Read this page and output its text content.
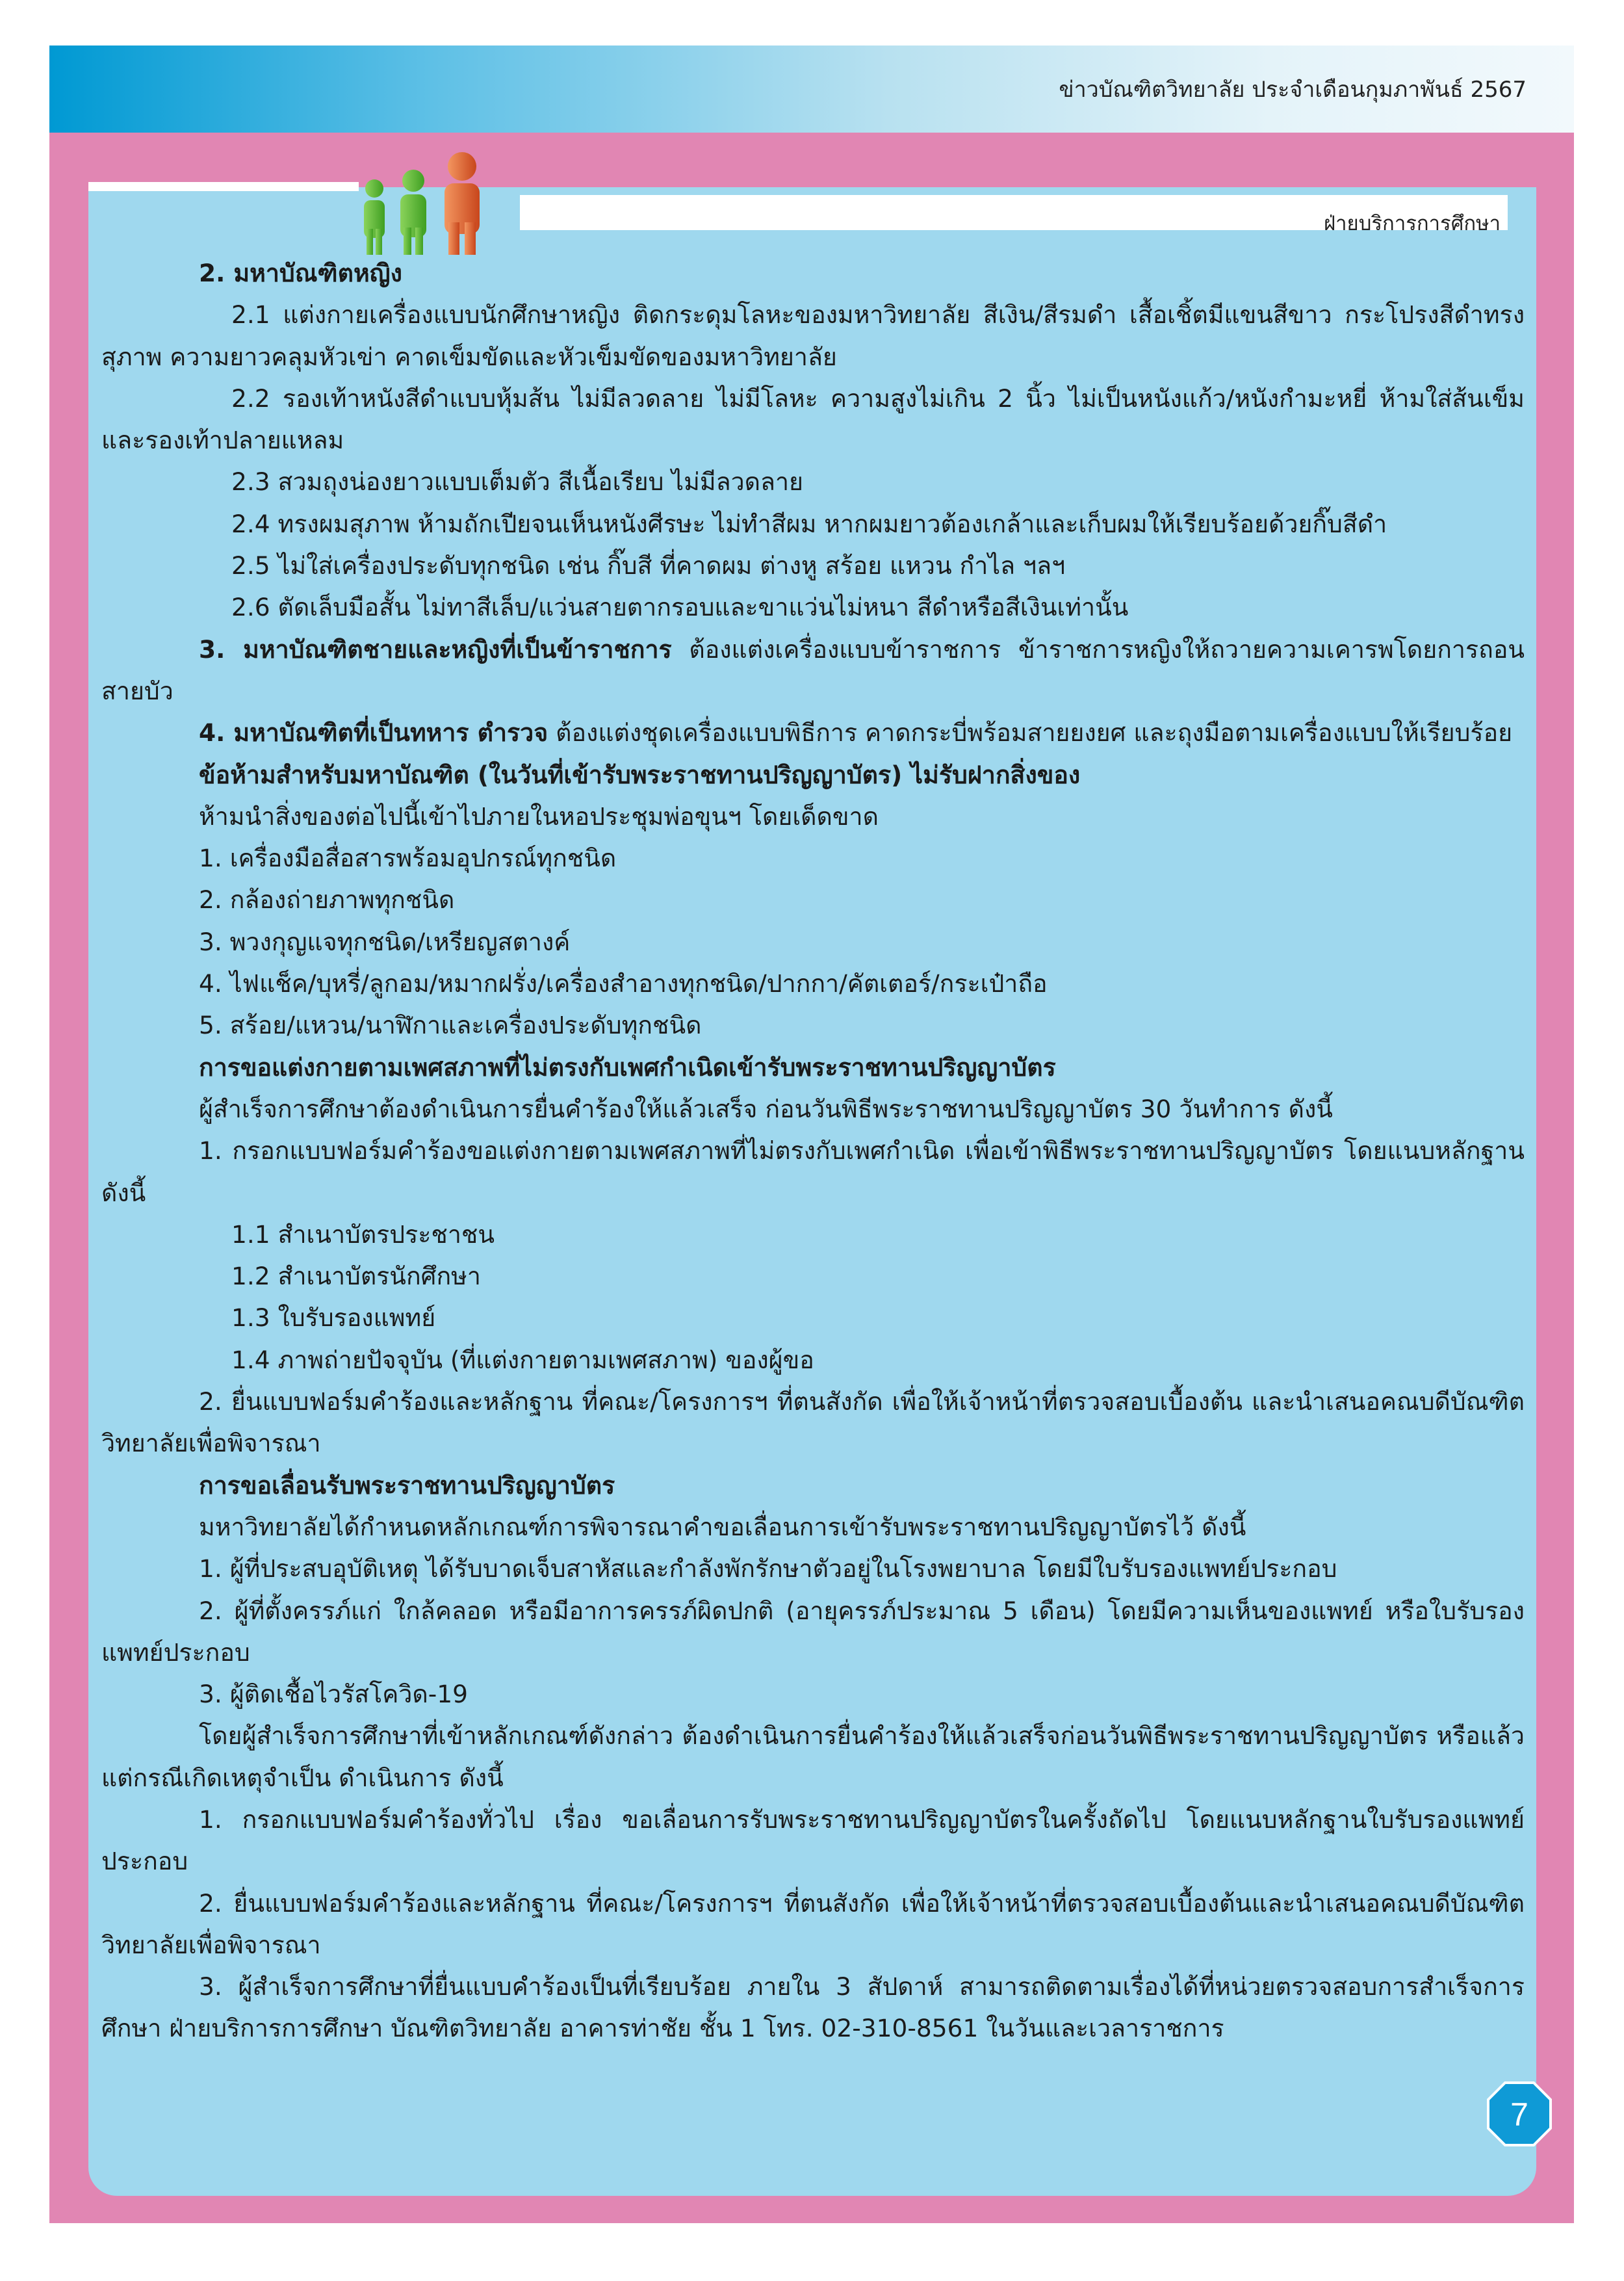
ข่าวบัณฑิตวิทยาลัย ประจำเดือนกุมภาพันธ์ 2567
ฝ่ายบริการการศึกษา

2. มหาบัณฑิตหญิง

2.1 แต่งกายเครื่องแบบนักศึกษาหญิง ติดกระดุมโลหะของมหาวิทยาลัย สีเงิน/สีรมดำ เสื้อเชิ้ตมีแขนสีขาว กระโปรงสีดำทรงสุภาพ ความยาวคลุมหัวเข่า คาดเข็มขัดและหัวเข็มขัดของมหาวิทยาลัย

2.2 รองเท้าหนังสีดำแบบหุ้มส้น ไม่มีลวดลาย ไม่มีโลหะ ความสูงไม่เกิน 2 นิ้ว ไม่เป็นหนังแก้ว/หนังกำมะหยี่ ห้ามใส่ส้นเข็ม และรองเท้าปลายแหลม

2.3 สวมถุงน่องยาวแบบเต็มตัว สีเนื้อเรียบ ไม่มีลวดลาย

2.4 ทรงผมสุภาพ ห้ามถักเปียจนเห็นหนังศีรษะ ไม่ทำสีผม หากผมยาวต้องเกล้าและเก็บผมให้เรียบร้อยด้วยกิ๊บสีดำ

2.5 ไม่ใส่เครื่องประดับทุกชนิด เช่น กิ๊บสี ที่คาดผม ต่างหู สร้อย แหวน กำไล ฯลฯ

2.6 ตัดเล็บมือสั้น ไม่ทาสีเล็บ/แว่นสายตากรอบและขาแว่นไม่หนา สีดำหรือสีเงินเท่านั้น

3. มหาบัณฑิตชายและหญิงที่เป็นข้าราชการ ต้องแต่งเครื่องแบบข้าราชการ ข้าราชการหญิงให้ถวายความเคารพโดยการถอนสายบัว

4. มหาบัณฑิตที่เป็นทหาร ตำรวจ ต้องแต่งชุดเครื่องแบบพิธีการ คาดกระบี่พร้อมสายยงยศ และถุงมือตามเครื่องแบบให้เรียบร้อย

ข้อห้ามสำหรับมหาบัณฑิต (ในวันที่เข้ารับพระราชทานปริญญาบัตร) ไม่รับฝากสิ่งของ

ห้ามนำสิ่งของต่อไปนี้เข้าไปภายในหอประชุมพ่อขุนฯ โดยเด็ดขาด

1. เครื่องมือสื่อสารพร้อมอุปกรณ์ทุกชนิด

2. กล้องถ่ายภาพทุกชนิด

3. พวงกุญแจทุกชนิด/เหรียญสตางค์

4. ไฟแช็ค/บุหรี่/ลูกอม/หมากฝรั่ง/เครื่องสำอางทุกชนิด/ปากกา/คัตเตอร์/กระเป๋าถือ

5. สร้อย/แหวน/นาฬิกาและเครื่องประดับทุกชนิด

การขอแต่งกายตามเพศสภาพที่ไม่ตรงกับเพศกำเนิดเข้ารับพระราชทานปริญญาบัตร

ผู้สำเร็จการศึกษาต้องดำเนินการยื่นคำร้องให้แล้วเสร็จ ก่อนวันพิธีพระราชทานปริญญาบัตร 30 วันทำการ ดังนี้

1. กรอกแบบฟอร์มคำร้องขอแต่งกายตามเพศสภาพที่ไม่ตรงกับเพศกำเนิด เพื่อเข้าพิธีพระราชทานปริญญาบัตร โดยแนบหลักฐาน ดังนี้

1.1 สำเนาบัตรประชาชน

1.2 สำเนาบัตรนักศึกษา

1.3 ใบรับรองแพทย์

1.4 ภาพถ่ายปัจจุบัน (ที่แต่งกายตามเพศสภาพ) ของผู้ขอ

2. ยื่นแบบฟอร์มคำร้องและหลักฐาน ที่คณะ/โครงการฯ ที่ตนสังกัด เพื่อให้เจ้าหน้าที่ตรวจสอบเบื้องต้น และนำเสนอคณบดีบัณฑิตวิทยาลัยเพื่อพิจารณา

การขอเลื่อนรับพระราชทานปริญญาบัตร

มหาวิทยาลัยได้กำหนดหลักเกณฑ์การพิจารณาคำขอเลื่อนการเข้ารับพระราชทานปริญญาบัตรไว้ ดังนี้

1. ผู้ที่ประสบอุบัติเหตุ ได้รับบาดเจ็บสาหัสและกำลังพักรักษาตัวอยู่ในโรงพยาบาล โดยมีใบรับรองแพทย์ประกอบ

2. ผู้ที่ตั้งครรภ์แก่ ใกล้คลอด หรือมีอาการครรภ์ผิดปกติ (อายุครรภ์ประมาณ 5 เดือน) โดยมีความเห็นของแพทย์ หรือใบรับรองแพทย์ประกอบ

3. ผู้ติดเชื้อไวรัสโควิด-19

โดยผู้สำเร็จการศึกษาที่เข้าหลักเกณฑ์ดังกล่าว ต้องดำเนินการยื่นคำร้องให้แล้วเสร็จก่อนวันพิธีพระราชทานปริญญาบัตร หรือแล้วแต่กรณีเกิดเหตุจำเป็น ดำเนินการ ดังนี้

1. กรอกแบบฟอร์มคำร้องทั่วไป เรื่อง ขอเลื่อนการรับพระราชทานปริญญาบัตรในครั้งถัดไป โดยแนบหลักฐานใบรับรองแพทย์ประกอบ

2. ยื่นแบบฟอร์มคำร้องและหลักฐาน ที่คณะ/โครงการฯ ที่ตนสังกัด เพื่อให้เจ้าหน้าที่ตรวจสอบเบื้องต้นและนำเสนอคณบดีบัณฑิตวิทยาลัยเพื่อพิจารณา

3. ผู้สำเร็จการศึกษาที่ยื่นแบบคำร้องเป็นที่เรียบร้อย ภายใน 3 สัปดาห์ สามารถติดตามเรื่องได้ที่หน่วยตรวจสอบการสำเร็จการศึกษา ฝ่ายบริการการศึกษา บัณฑิตวิทยาลัย อาคารท่าชัย ชั้น 1 โทร. 02-310-8561 ในวันและเวลาราชการ

7
